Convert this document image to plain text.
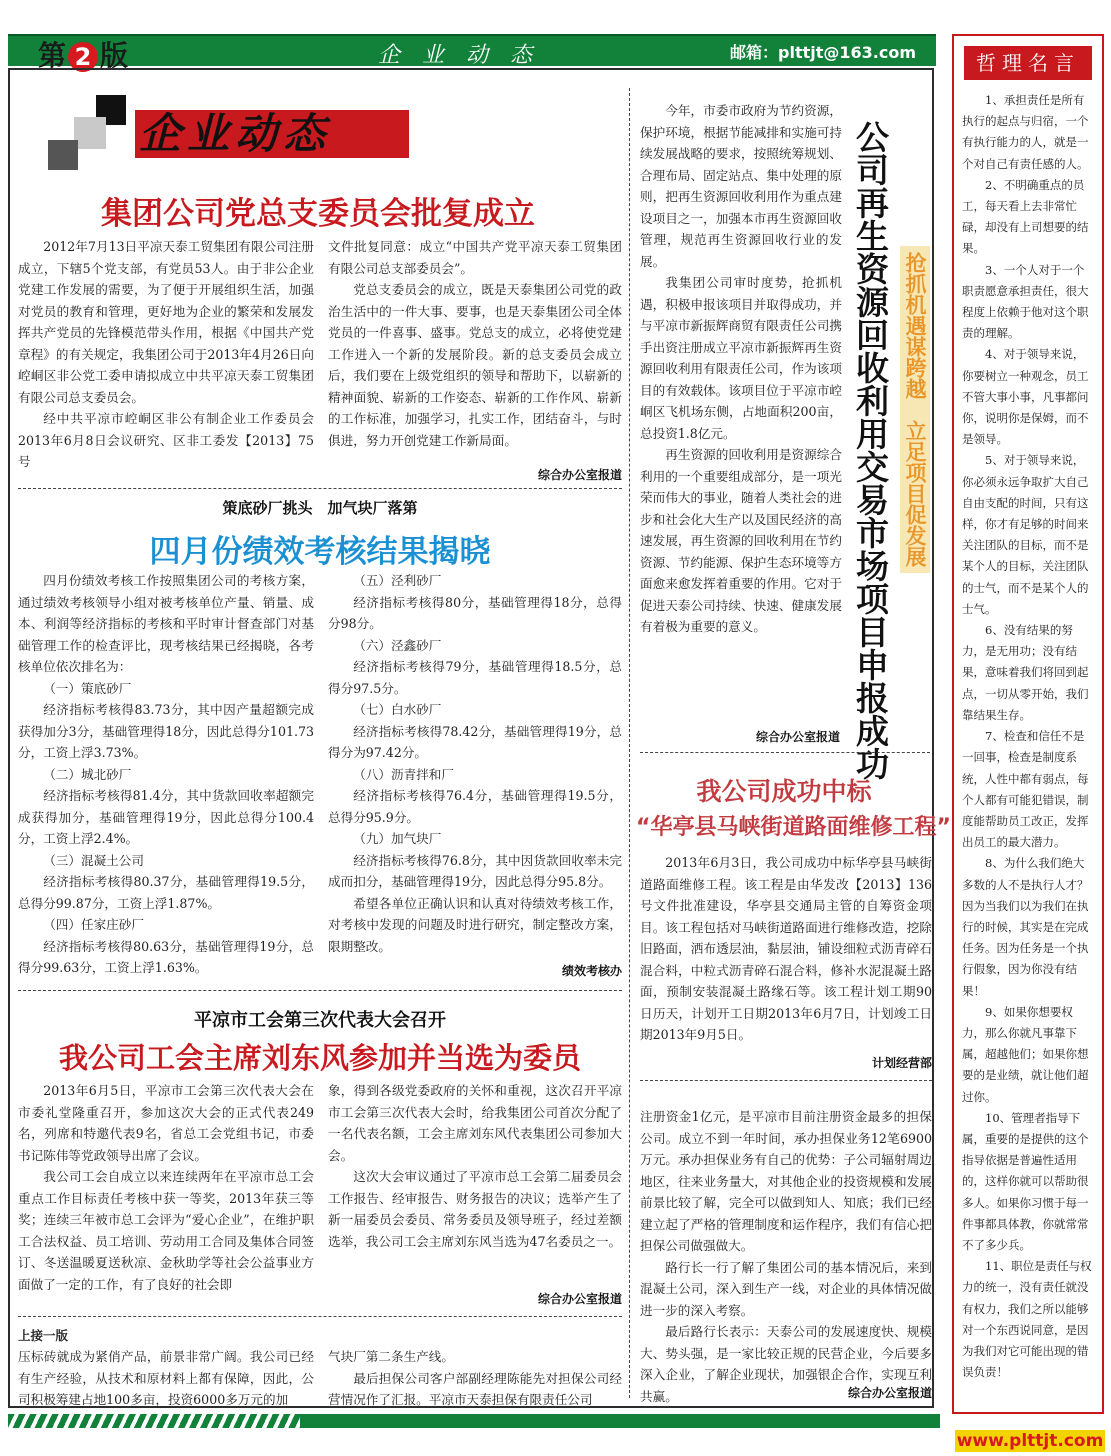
第 2 版	企业动态	邮箱：plttjt@163.com
企业动态
集团公司党总支委员会批复成立

2012年7月13日平凉天泰工贸集团有限公司注册成立，下辖5个党支部，有党员53人。由于非公企业党建工作发展的需要，为了便于开展组织生活，加强对党员的教育和管理，更好地为企业的繁荣和发展发挥共产党员的先锋模范带头作用，根据《中国共产党章程》的有关规定，我集团公司于2013年4月26日向崆峒区非公党工委申请拟成立中共平凉天泰工贸集团有限公司总支委员会。

经中共平凉市崆峒区非公有制企业工作委员会2013年6月8日会议研究、区非工委发【2013】75号

文件批复同意：成立“中国共产党平凉天泰工贸集团有限公司总支部委员会”。

党总支委员会的成立，既是天泰集团公司党的政治生活中的一件大事、要事，也是天泰集团公司全体党员的一件喜事、盛事。党总支的成立，必将使党建工作进入一个新的发展阶段。新的总支委员会成立后，我们要在上级党组织的领导和帮助下，以崭新的精神面貌、崭新的工作姿态、崭新的工作作风、崭新的工作标准，加强学习，扎实工作，团结奋斗，与时俱进，努力开创党建工作新局面。

综合办公室报道
策底砂厂挑头　加气块厂落第
四月份绩效考核结果揭晓

四月份绩效考核工作按照集团公司的考核方案，通过绩效考核领导小组对被考核单位产量、销量、成本、利润等经济指标的考核和平时审计督查部门对基础管理工作的检查评比，现考核结果已经揭晓，各考核单位依次排名为：

（一）策底砂厂

经济指标考核得83.73分，其中因产量超额完成获得加分3分，基础管理得18分，因此总得分101.73分，工资上浮3.73%。

（二）城北砂厂

经济指标考核得81.4分，其中货款回收率超额完成获得加分，基础管理得19分，因此总得分100.4分，工资上浮2.4%。

（三）混凝土公司

经济指标考核得80.37分，基础管理得19.5分，总得分99.87分，工资上浮1.87%。

（四）任家庄砂厂

经济指标考核得80.63分，基础管理得19分，总得分99.63分，工资上浮1.63%。

（五）泾利砂厂

经济指标考核得80分，基础管理得18分，总得分98分。

（六）泾鑫砂厂

经济指标考核得79分，基础管理得18.5分，总得分97.5分。

（七）白水砂厂

经济指标考核得78.42分，基础管理得19分，总得分为97.42分。

（八）沥青拌和厂

经济指标考核得76.4分，基础管理得19.5分，总得分95.9分。

（九）加气块厂

经济指标考核得76.8分，其中因货款回收率未完成而扣分，基础管理得19分，因此总得分95.8分。

希望各单位正确认识和认真对待绩效考核工作，对考核中发现的问题及时进行研究，制定整改方案，限期整改。

绩效考核办
平凉市工会第三次代表大会召开
我公司工会主席刘东风参加并当选为委员

2013年6月5日，平凉市工会第三次代表大会在市委礼堂隆重召开，参加这次大会的正式代表249名，列席和特邀代表9名，省总工会党组书记，市委书记陈伟等党政领导出席了会议。

我公司工会自成立以来连续两年在平凉市总工会重点工作目标责任考核中获一等奖，2013年获三等奖；连续三年被市总工会评为“爱心企业”，在维护职工合法权益、员工培训、劳动用工合同及集体合同签订、冬送温暖夏送秋凉、金秋助学等社会公益事业方面做了一定的工作，有了良好的社会即

象，得到各级党委政府的关怀和重视，这次召开平凉市工会第三次代表大会时，给我集团公司首次分配了一名代表名额，工会主席刘东风代表集团公司参加大会。

这次大会审议通过了平凉市总工会第二届委员会工作报告、经审报告、财务报告的决议；选举产生了新一届委员会委员、常务委员及领导班子，经过差额选举，我公司工会主席刘东风当选为47名委员之一。

综合办公室报道
上接一版

压标砖就成为紧俏产品，前景非常广阔。我公司已经有生产经验，从技术和原材料上都有保障，因此，公司积极筹建占地100多亩，投资6000多万元的加

气块厂第二条生产线。

最后担保公司客户部副经理陈能先对担保公司经营情况作了汇报。平凉市天泰担保有限责任公司

今年，市委市政府为节约资源，保护环境，根据节能减排和实施可持续发展战略的要求，按照统筹规划、合理布局、固定站点、集中处理的原则，把再生资源回收利用作为重点建设项目之一，加强本市再生资源回收管理，规范再生资源回收行业的发展。

我集团公司审时度势，抢抓机遇，积极申报该项目并取得成功，并与平凉市新振辉商贸有限责任公司携手出资注册成立平凉市新振辉再生资源回收利用有限责任公司，作为该项目的有效载体。该项目位于平凉市崆峒区飞机场东侧，占地面积200亩，总投资1.8亿元。

再生资源的回收利用是资源综合利用的一个重要组成部分，是一项光荣而伟大的事业，随着人类社会的进步和社会化大生产以及国民经济的高速发展，再生资源的回收利用在节约资源、节约能源、保护生态环境等方面愈来愈发挥着重要的作用。它对于促进天泰公司持续、快速、健康发展有着极为重要的意义。	公司再生资源回收利用交易市场项目申报成功 抢抓机遇谋跨越　立足项目促发展
综合办公室报道
我公司成功中标
“华亭县马峡街道路面维修工程”

2013年6月3日，我公司成功中标华亭县马峡街道路面维修工程。该工程是由华发改【2013】136号文件批准建设，华亭县交通局主管的自筹资金项目。该工程包括对马峡街道路面进行维修改造，挖除旧路面，洒布透层油，黏层油，铺设细粒式沥青碎石混合料，中粒式沥青碎石混合料，修补水泥混凝土路面，预制安装混凝土路缘石等。该工程计划工期90日历天，计划开工日期2013年6月7日，计划竣工日期2013年9月5日。

计划经营部

注册资金1亿元，是平凉市目前注册资金最多的担保公司。成立不到一年时间，承办担保业务12笔6900万元。承办担保业务有自己的优势：子公司辐射周边地区，往来业务量大，对其他企业的投资规模和发展前景比较了解，完全可以做到知人、知底；我们已经建立起了严格的管理制度和运作程序，我们有信心把担保公司做强做大。

路行长一行了解了集团公司的基本情况后，来到混凝土公司，深入到生产一线，对企业的具体情况做进一步的深入考察。

最后路行长表示：天泰公司的发展速度快、规模大、势头强，是一家比较正规的民营企业，今后要多深入企业，了解企业现状，加强银企合作，实现互利共赢。	综合办公室报道
哲理名言

1、承担责任是所有执行的起点与归宿，一个有执行能力的人，就是一个对自己有责任感的人。

2、不明确重点的员工，每天看上去非常忙碌，却没有上司想要的结果。

3、一个人对于一个职责愿意承担责任，很大程度上依赖于他对这个职责的理解。

4、对于领导来说，你要树立一种观念，员工不管大事小事，凡事都问你，说明你是保姆，而不是领导。

5、对于领导来说，你必须永远争取扩大自己自由支配的时间，只有这样，你才有足够的时间来关注团队的目标，而不是某个人的目标，关注团队的士气，而不是某个人的士气。

6、没有结果的努力，是无用功；没有结果，意味着我们将回到起点，一切从零开始，我们靠结果生存。

7、检查和信任不是一回事，检查是制度系统，人性中都有弱点，每个人都有可能犯错误，制度能帮助员工改正，发挥出员工的最大潜力。

8、为什么我们绝大多数的人不是执行人才？因为当我们以为我们在执行的时候，其实是在完成任务。因为任务是一个执行假象，因为你没有结果！

9、如果你想要权力，那么你就凡事靠下属，超越他们；如果你想要的是业绩，就让他们超过你。

10、管理者指导下属，重要的是提供的这个指导依据是普遍性适用的，这样你就可以帮助很多人。如果你习惯于每一件事都具体教，你就常常不了多少兵。

11、职位是责任与权力的统一，没有责任就没有权力，我们之所以能够对一个东西说同意，是因为我们对它可能出现的错误负责！

www.plttjt.com
